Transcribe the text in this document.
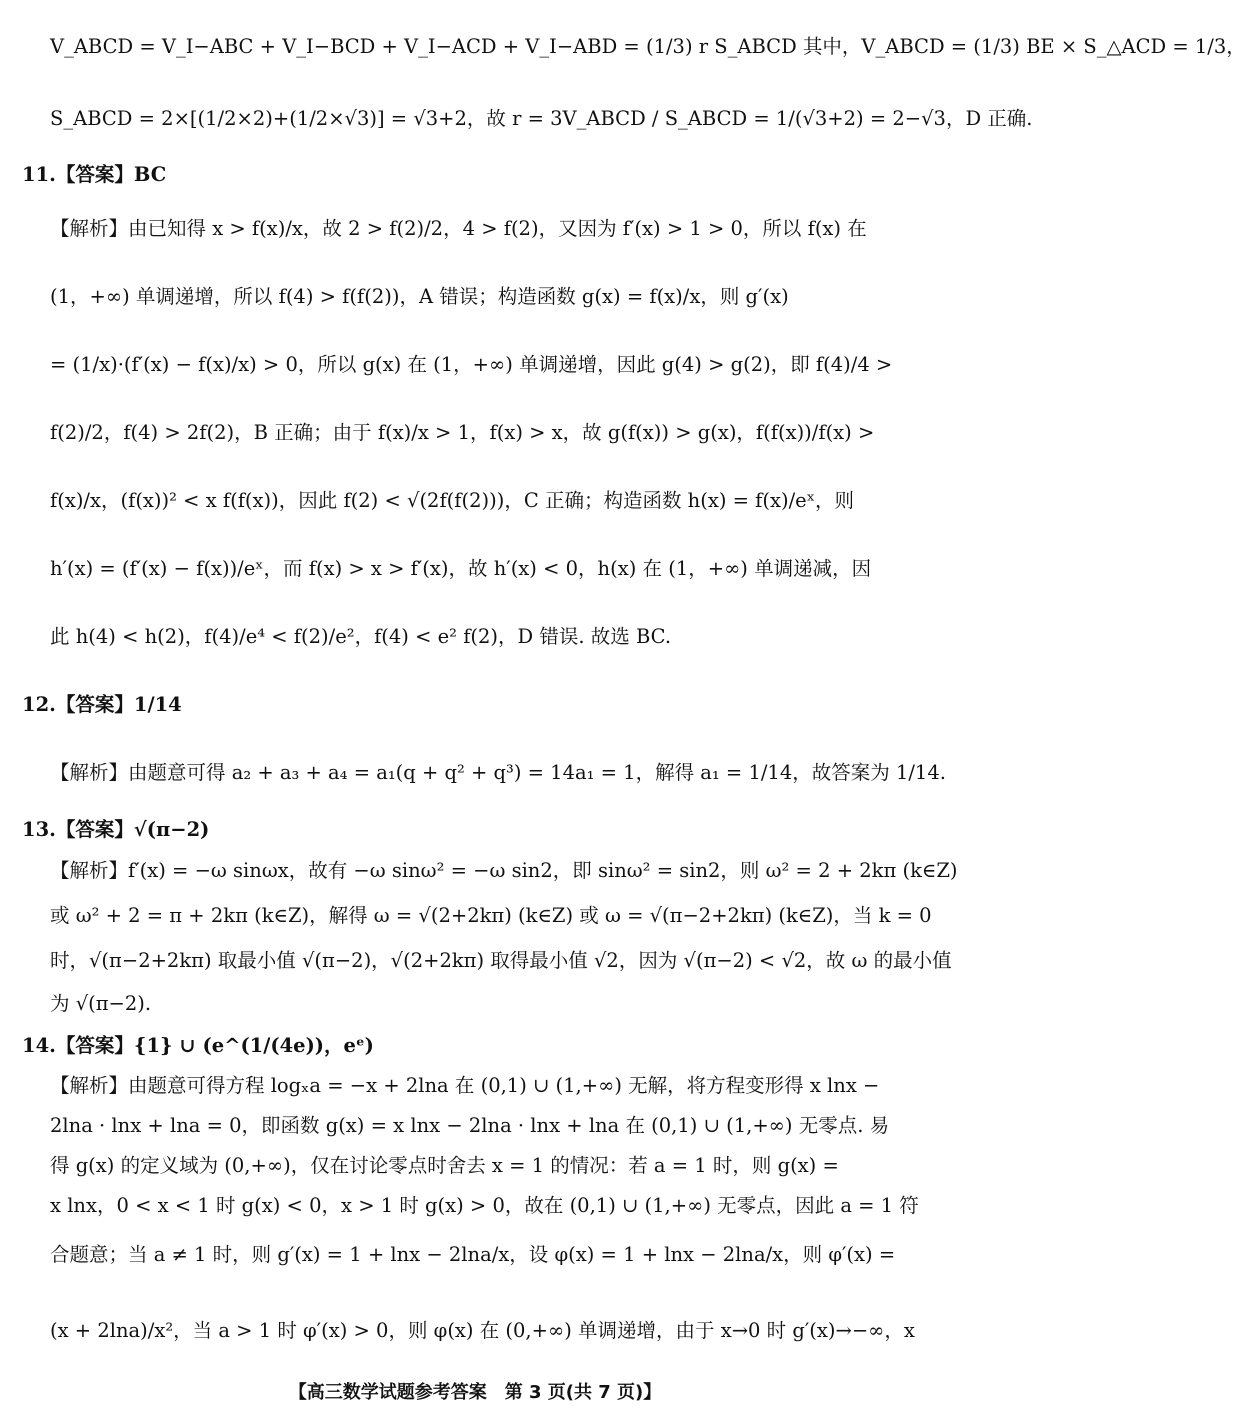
V_ABCD = V_I−ABC + V_I−BCD + V_I−ACD + V_I−ABD = (1/3) r S_ABCD 其中，V_ABCD = (1/3) BE × S_△ACD = 1/3，
S_ABCD = 2×[(1/2×2)+(1/2×√3)] = √3+2，故 r = 3V_ABCD / S_ABCD = 1/(√3+2) = 2−√3，D 正确.
11.【答案】BC
【解析】由已知得 x > f(x)/x，故 2 > f(2)/2，4 > f(2)，又因为 f′(x) > 1 > 0，所以 f(x) 在
(1，+∞) 单调递增，所以 f(4) > f(f(2))，A 错误；构造函数 g(x) = f(x)/x，则 g′(x)
= (1/x)·(f′(x) − f(x)/x) > 0，所以 g(x) 在 (1，+∞) 单调递增，因此 g(4) > g(2)，即 f(4)/4 >
f(2)/2，f(4) > 2f(2)，B 正确；由于 f(x)/x > 1，f(x) > x，故 g(f(x)) > g(x)，f(f(x))/f(x) >
f(x)/x，(f(x))² < x f(f(x))，因此 f(2) < √(2f(f(2)))，C 正确；构造函数 h(x) = f(x)/eˣ，则
h′(x) = (f′(x) − f(x))/eˣ，而 f(x) > x > f′(x)，故 h′(x) < 0，h(x) 在 (1，+∞) 单调递减，因
此 h(4) < h(2)，f(4)/e⁴ < f(2)/e²，f(4) < e² f(2)，D 错误. 故选 BC.
12.【答案】1/14
【解析】由题意可得 a₂ + a₃ + a₄ = a₁(q + q² + q³) = 14a₁ = 1，解得 a₁ = 1/14，故答案为 1/14.
13.【答案】√(π−2)
【解析】f′(x) = −ω sinωx，故有 −ω sinω² = −ω sin2，即 sinω² = sin2，则 ω² = 2 + 2kπ (k∈Z)
或 ω² + 2 = π + 2kπ (k∈Z)，解得 ω = √(2+2kπ) (k∈Z) 或 ω = √(π−2+2kπ) (k∈Z)，当 k = 0
时，√(π−2+2kπ) 取最小值 √(π−2)，√(2+2kπ) 取得最小值 √2，因为 √(π−2) < √2，故 ω 的最小值
为 √(π−2).
14.【答案】{1} ∪ (e^(1/(4e))，eᵉ)
【解析】由题意可得方程 logₓa = −x + 2lna 在 (0,1) ∪ (1,+∞) 无解，将方程变形得 x lnx −
2lna · lnx + lna = 0，即函数 g(x) = x lnx − 2lna · lnx + lna 在 (0,1) ∪ (1,+∞) 无零点. 易
得 g(x) 的定义域为 (0,+∞)，仅在讨论零点时舍去 x = 1 的情况：若 a = 1 时，则 g(x) =
x lnx，0 < x < 1 时 g(x) < 0，x > 1 时 g(x) > 0，故在 (0,1) ∪ (1,+∞) 无零点，因此 a = 1 符
合题意；当 a ≠ 1 时，则 g′(x) = 1 + lnx − 2lna/x，设 φ(x) = 1 + lnx − 2lna/x，则 φ′(x) =
(x + 2lna)/x²，当 a > 1 时 φ′(x) > 0，则 φ(x) 在 (0,+∞) 单调递增，由于 x→0 时 g′(x)→−∞，x
【高三数学试题参考答案　第 3 页(共 7 页)】
